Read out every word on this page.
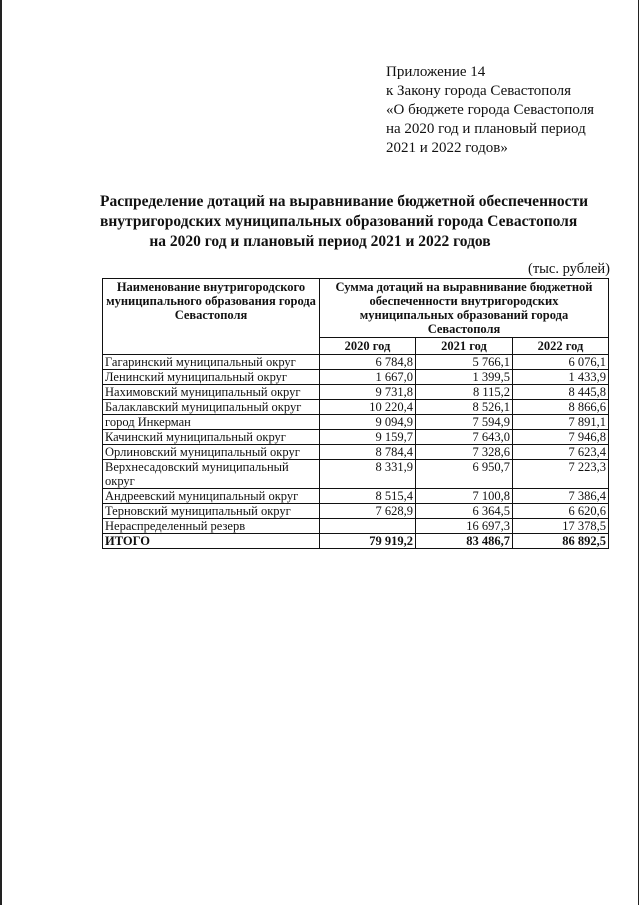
Приложение 14
к Закону города Севастополя
«О бюджете города Севастополя
на 2020 год и плановый период
2021 и 2022 годов»
Распределение дотаций на выравнивание бюджетной обеспеченности
внутригородских муниципальных образований города Севастополя
на 2020 год и плановый период 2021 и 2022 годов
(тыс. рублей)
Наименование внутригородского муниципального образования города Севастополя	Сумма дотаций на выравнивание бюджетной обеспеченности внутригородских муниципальных образований города Севастополя		
	2020 год	2021 год	2022 год
Гагаринский муниципальный округ	6 784,8	5 766,1	6 076,1
Ленинский муниципальный округ	1 667,0	1 399,5	1 433,9
Нахимовский муниципальный округ	9 731,8	8 115,2	8 445,8
Балаклавский муниципальный округ	10 220,4	8 526,1	8 866,6
город Инкерман	9 094,9	7 594,9	7 891,1
Качинский муниципальный округ	9 159,7	7 643,0	7 946,8
Орлиновский муниципальный округ	8 784,4	7 328,6	7 623,4
Верхнесадовский муниципальный округ	8 331,9	6 950,7	7 223,3
Андреевский муниципальный округ	8 515,4	7 100,8	7 386,4
Терновский муниципальный округ	7 628,9	6 364,5	6 620,6
Нераспределенный резерв		16 697,3	17 378,5
ИТОГО	79 919,2	83 486,7	86 892,5
